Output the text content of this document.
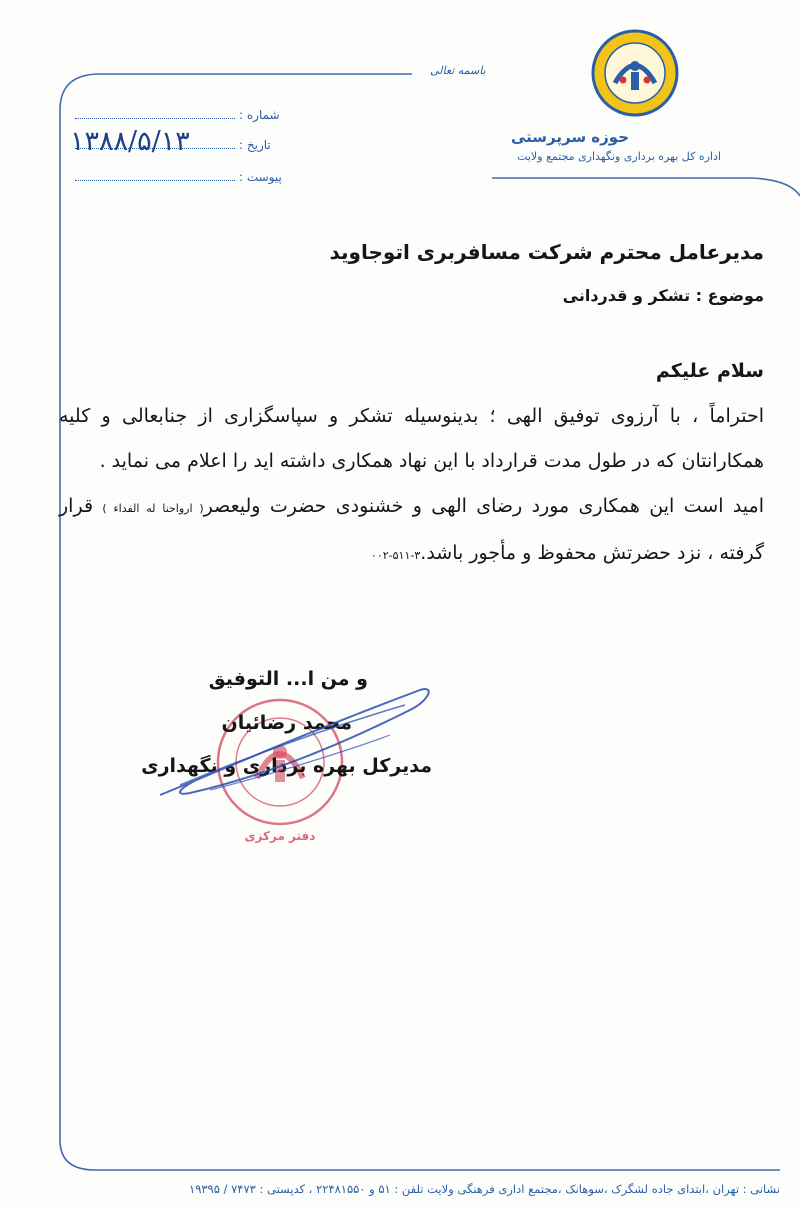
حوزه سرپرستی
اداره کل بهره برداری ونگهداری مجتمع ولایت
باسمه تعالی
شماره :
تاریخ :
۱۳۸۸/۵/۱۳
پیوست :
مدیرعامل محترم شرکت مسافربری اتوجاوید
موضوع : تشکر و قدردانی
سلام علیکم

احتراماً ، با آرزوی توفیق الهی ؛ بدینوسیله تشکر و سپاسگزاری از جنابعالی و کلیه همکارانتان که در طول مدت قرارداد با این نهاد همکاری داشته اید را اعلام می نماید .

امید است این همکاری مورد رضای الهی و خشنودی حضرت ولیعصر( ارواحنا له الفداء ) قرار گرفته ، نزد حضرتش محفوظ و مأجور باشد.۳-۵۱۱-۰۰۲

دفتر مرکزی
و من ا... التوفیق
محمد رضائیان
مدیرکل بهره برداری و نگهداری
نشانی : تهران ،ابتدای جاده لشگرک ،سوهانک ،مجتمع اداری فرهنگی ولایت تلفن : ۵۱ و ۲۲۴۸۱۵۵۰ ، کدپستی : ۷۴۷۳ / ۱۹۳۹۵
